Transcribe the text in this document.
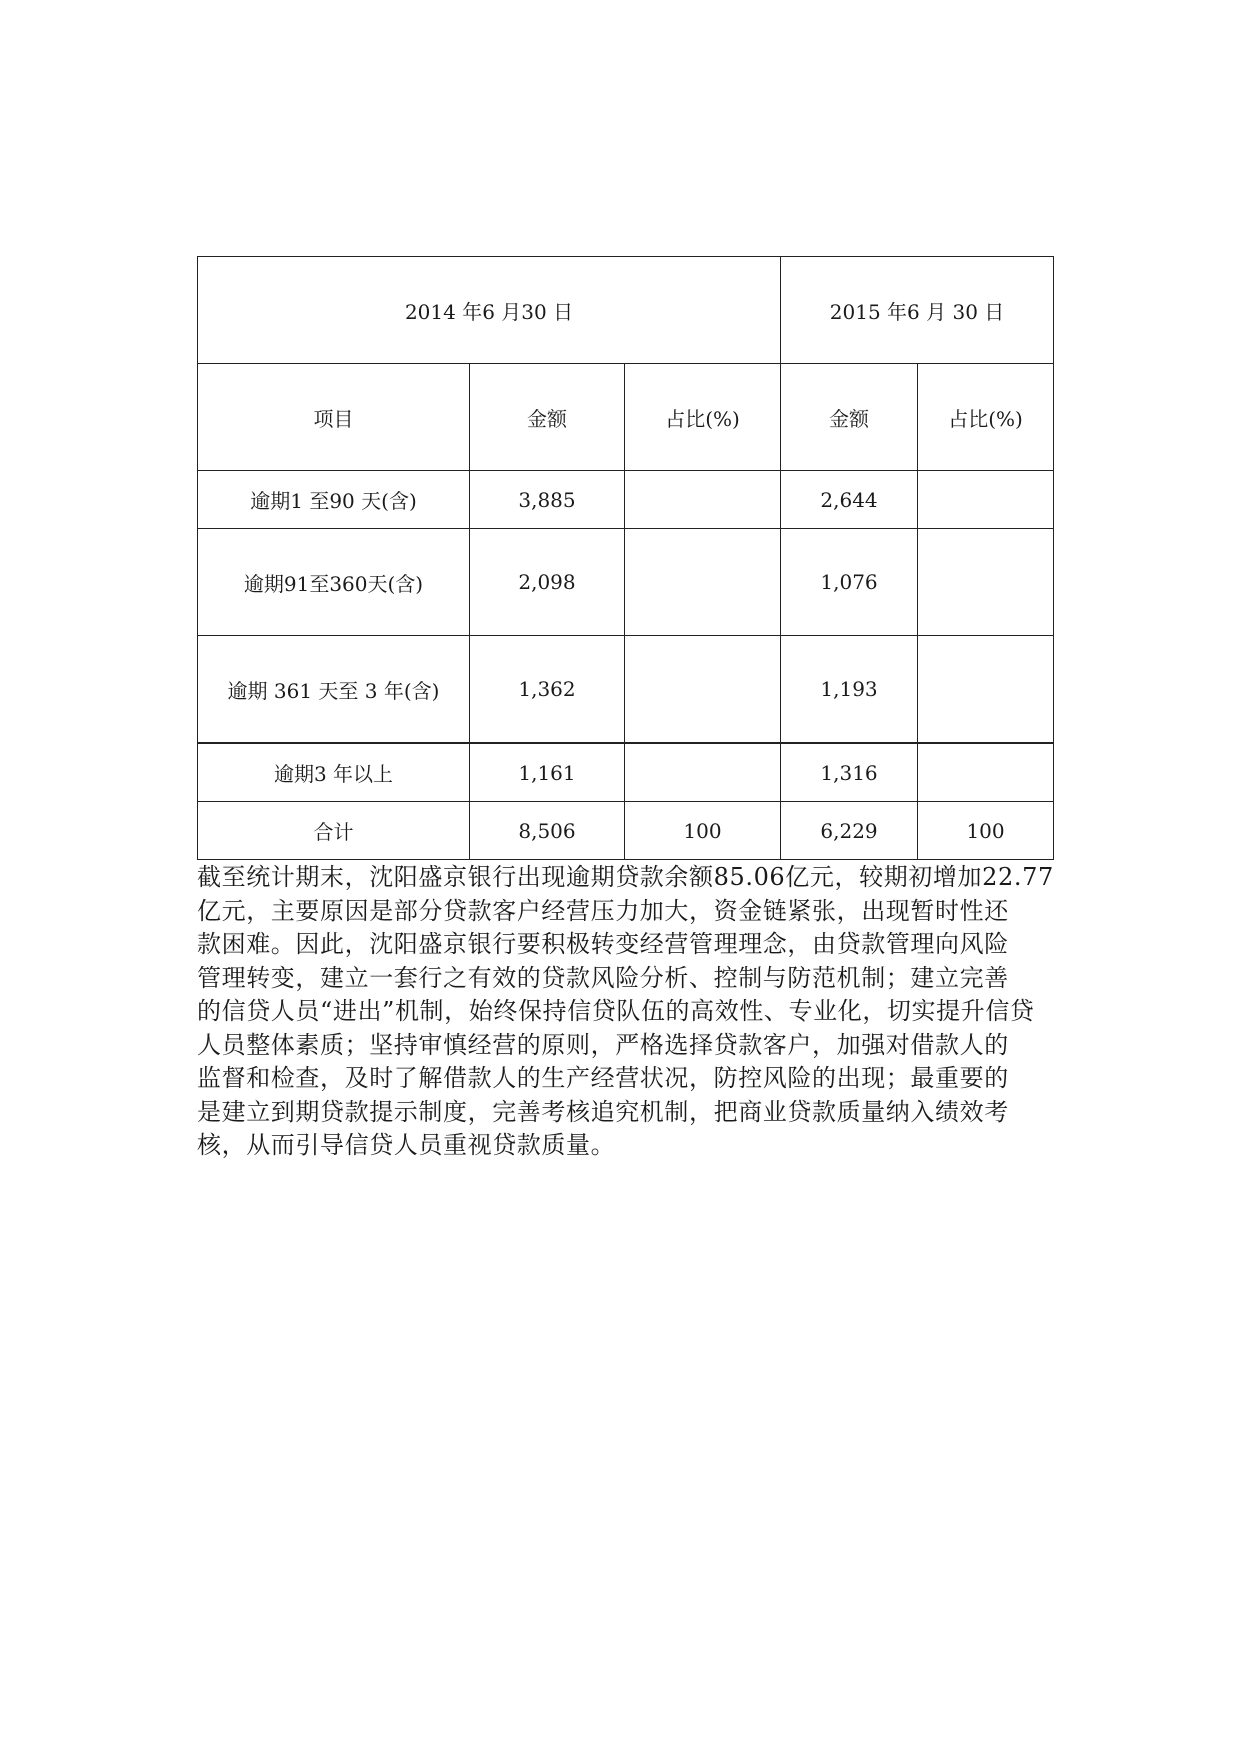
2014 年6 月30 日			2015 年6 月 30 日	
项目	金额	占比(%)	金额	占比(%)
逾期1 至90 天(含)	3,885		2,644	
逾期91至360天(含)	2,098		1,076	
逾期 361 天至 3 年(含)	1,362		1,193	
逾期3 年以上	1,161		1,316	
合计	8,506	100	6,229	100

截至统计期末，沈阳盛京银行出现逾期贷款余额85.06亿元，较期初增加22.77
亿元，主要原因是部分贷款客户经营压力加大，资金链紧张，出现暂时性还
款困难。因此，沈阳盛京银行要积极转变经营管理理念，由贷款管理向风险
管理转变，建立一套行之有效的贷款风险分析、控制与防范机制；建立完善
的信贷人员“进出”机制，始终保持信贷队伍的高效性、专业化，切实提升信贷
人员整体素质；坚持审慎经营的原则，严格选择贷款客户，加强对借款人的
监督和检查，及时了解借款人的生产经营状况，防控风险的出现；最重要的
是建立到期贷款提示制度，完善考核追究机制，把商业贷款质量纳入绩效考
核，从而引导信贷人员重视贷款质量。
